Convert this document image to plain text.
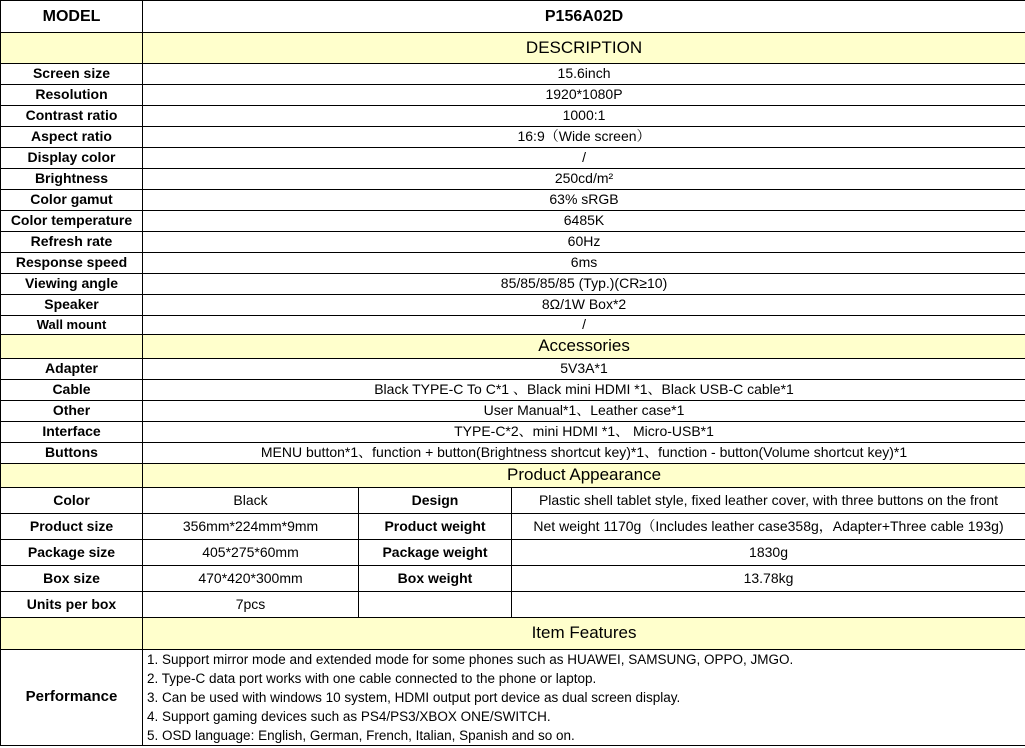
MODEL	P156A02D		
	DESCRIPTION		
Screen size	15.6inch		
Resolution	1920*1080P		
Contrast ratio	1000:1		
Aspect ratio	16:9（Wide screen）		
Display color	/		
Brightness	250cd/m²		
Color gamut	63% sRGB		
Color temperature	6485K		
Refresh rate	60Hz		
Response speed	6ms		
Viewing angle	85/85/85/85 (Typ.)(CR≥10)		
Speaker	8Ω/1W Box*2		
Wall mount	/		
	Accessories		
Adapter	5V3A*1		
Cable	Black TYPE-C To C*1 、Black mini HDMI *1、Black USB-C cable*1		
Other	User Manual*1、Leather case*1		
Interface	TYPE-C*2、mini HDMI *1、 Micro-USB*1		
Buttons	MENU button*1、function + button(Brightness shortcut key)*1、function - button(Volume shortcut key)*1		
	Product Appearance		
Color	Black	Design	Plastic shell tablet style, fixed leather cover, with three buttons on the front
Product size	356mm*224mm*9mm	Product weight	Net weight 1170g（Includes leather case358g，Adapter+Three cable 193g)
Package size	405*275*60mm	Package weight	1830g
Box size	470*420*300mm	Box weight	13.78kg
Units per box	7pcs		
	Item Features		
Performance	1. Support mirror mode and extended mode for some phones such as HUAWEI, SAMSUNG, OPPO, JMGO.
2. Type-C data port works with one cable connected to the phone or laptop.
3. Can be used with windows 10 system, HDMI output port device as dual screen display.
4. Support gaming devices such as PS4/PS3/XBOX ONE/SWITCH.
5. OSD language: English, German, French, Italian, Spanish and so on.		
